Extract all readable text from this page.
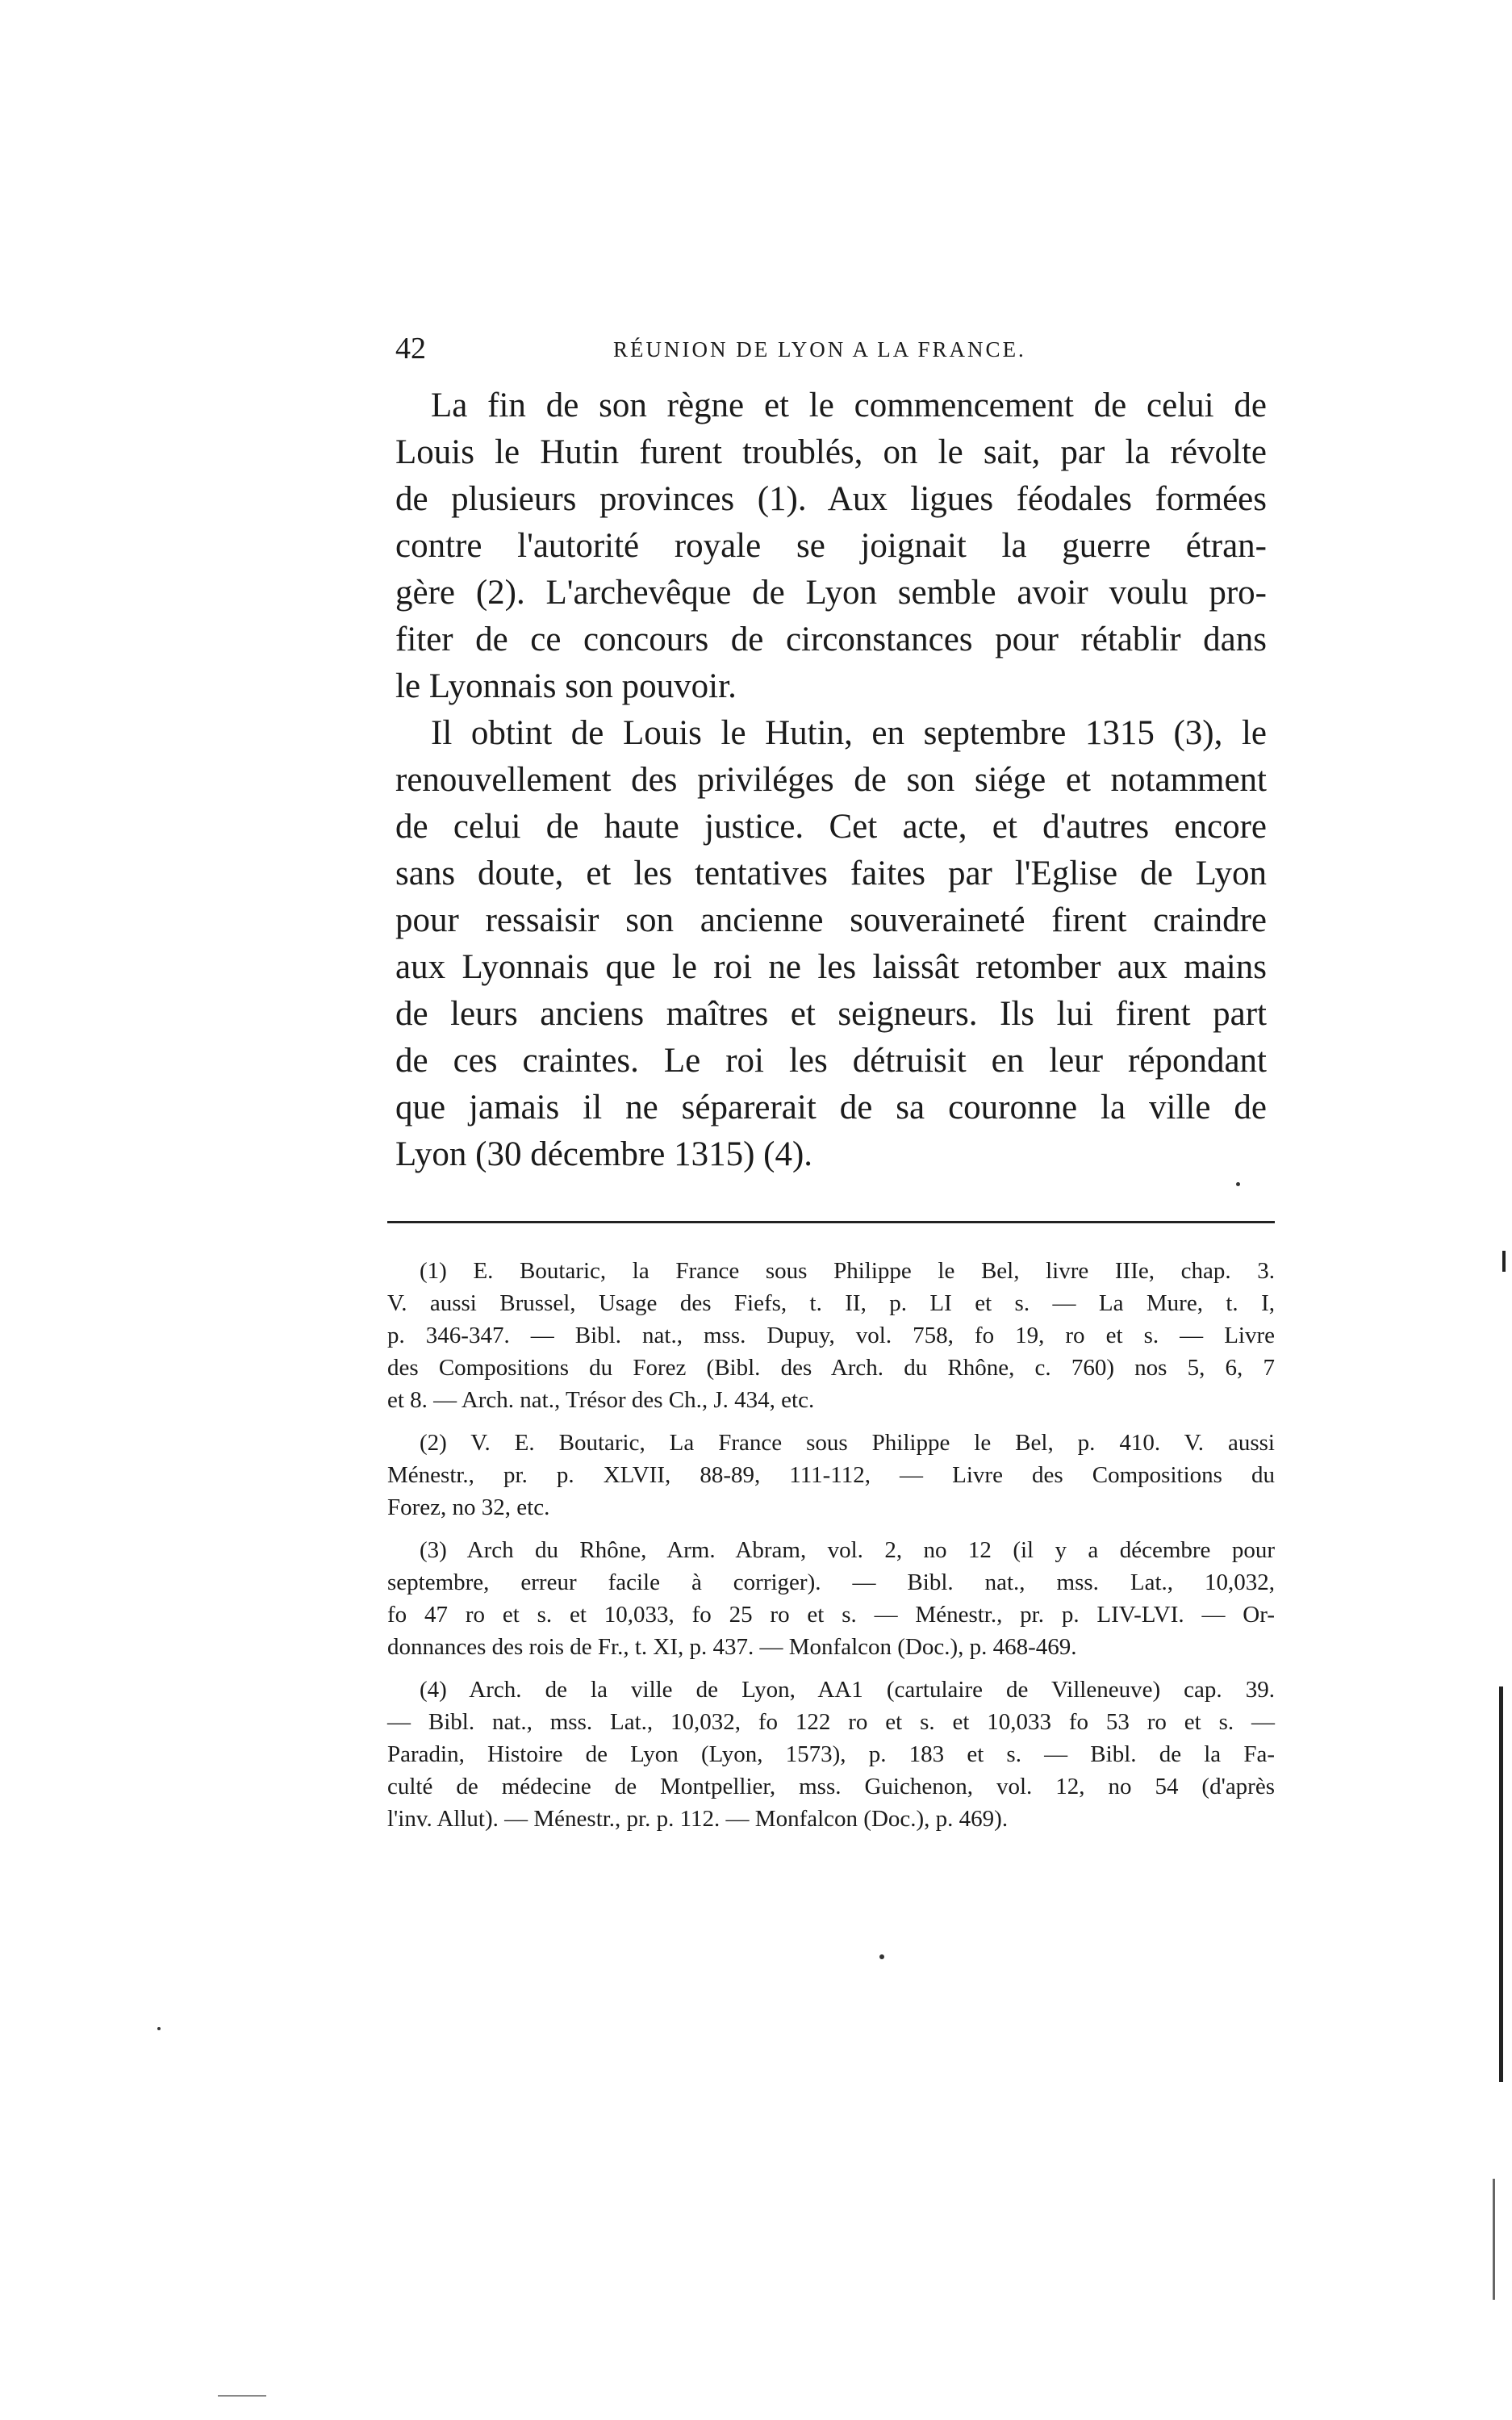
42	RÉUNION DE LYON A LA FRANCE.

La fin de son règne et le commencement de celui de
Louis le Hutin furent troublés, on le sait, par la révolte
de plusieurs provinces (1). Aux ligues féodales formées
contre l'autorité royale se joignait la guerre étran-
gère (2). L'archevêque de Lyon semble avoir voulu pro-
fiter de ce concours de circonstances pour rétablir dans
le Lyonnais son pouvoir.

Il obtint de Louis le Hutin, en septembre 1315 (3), le
renouvellement des priviléges de son siége et notamment
de celui de haute justice. Cet acte, et d'autres encore
sans doute, et les tentatives faites par l'Eglise de Lyon
pour ressaisir son ancienne souveraineté firent craindre
aux Lyonnais que le roi ne les laissât retomber aux mains
de leurs anciens maîtres et seigneurs. Ils lui firent part
de ces craintes. Le roi les détruisit en leur répondant
que jamais il ne séparerait de sa couronne la ville de
Lyon (30 décembre 1315) (4).

(1) E. Boutaric, la France sous Philippe le Bel, livre IIIe, chap. 3.
V. aussi Brussel, Usage des Fiefs, t. II, p. LI et s. — La Mure, t. I,
p. 346-347. — Bibl. nat., mss. Dupuy, vol. 758, fo 19, ro et s. — Livre
des Compositions du Forez (Bibl. des Arch. du Rhône, c. 760) nos 5, 6, 7
et 8. — Arch. nat., Trésor des Ch., J. 434, etc.

(2) V. E. Boutaric, La France sous Philippe le Bel, p. 410. V. aussi
Ménestr., pr. p. XLVII, 88-89, 111-112, — Livre des Compositions du
Forez, no 32, etc.

(3) Arch du Rhône, Arm. Abram, vol. 2, no 12 (il y a décembre pour
septembre, erreur facile à corriger). — Bibl. nat., mss. Lat., 10,032,
fo 47 ro et s. et 10,033, fo 25 ro et s. — Ménestr., pr. p. LIV-LVI. — Or-
donnances des rois de Fr., t. XI, p. 437. — Monfalcon (Doc.), p. 468-469.

(4) Arch. de la ville de Lyon, AA1 (cartulaire de Villeneuve) cap. 39.
— Bibl. nat., mss. Lat., 10,032, fo 122 ro et s. et 10,033 fo 53 ro et s. —
Paradin, Histoire de Lyon (Lyon, 1573), p. 183 et s. — Bibl. de la Fa-
culté de médecine de Montpellier, mss. Guichenon, vol. 12, no 54 (d'après
l'inv. Allut). — Ménestr., pr. p. 112. — Monfalcon (Doc.), p. 469).
